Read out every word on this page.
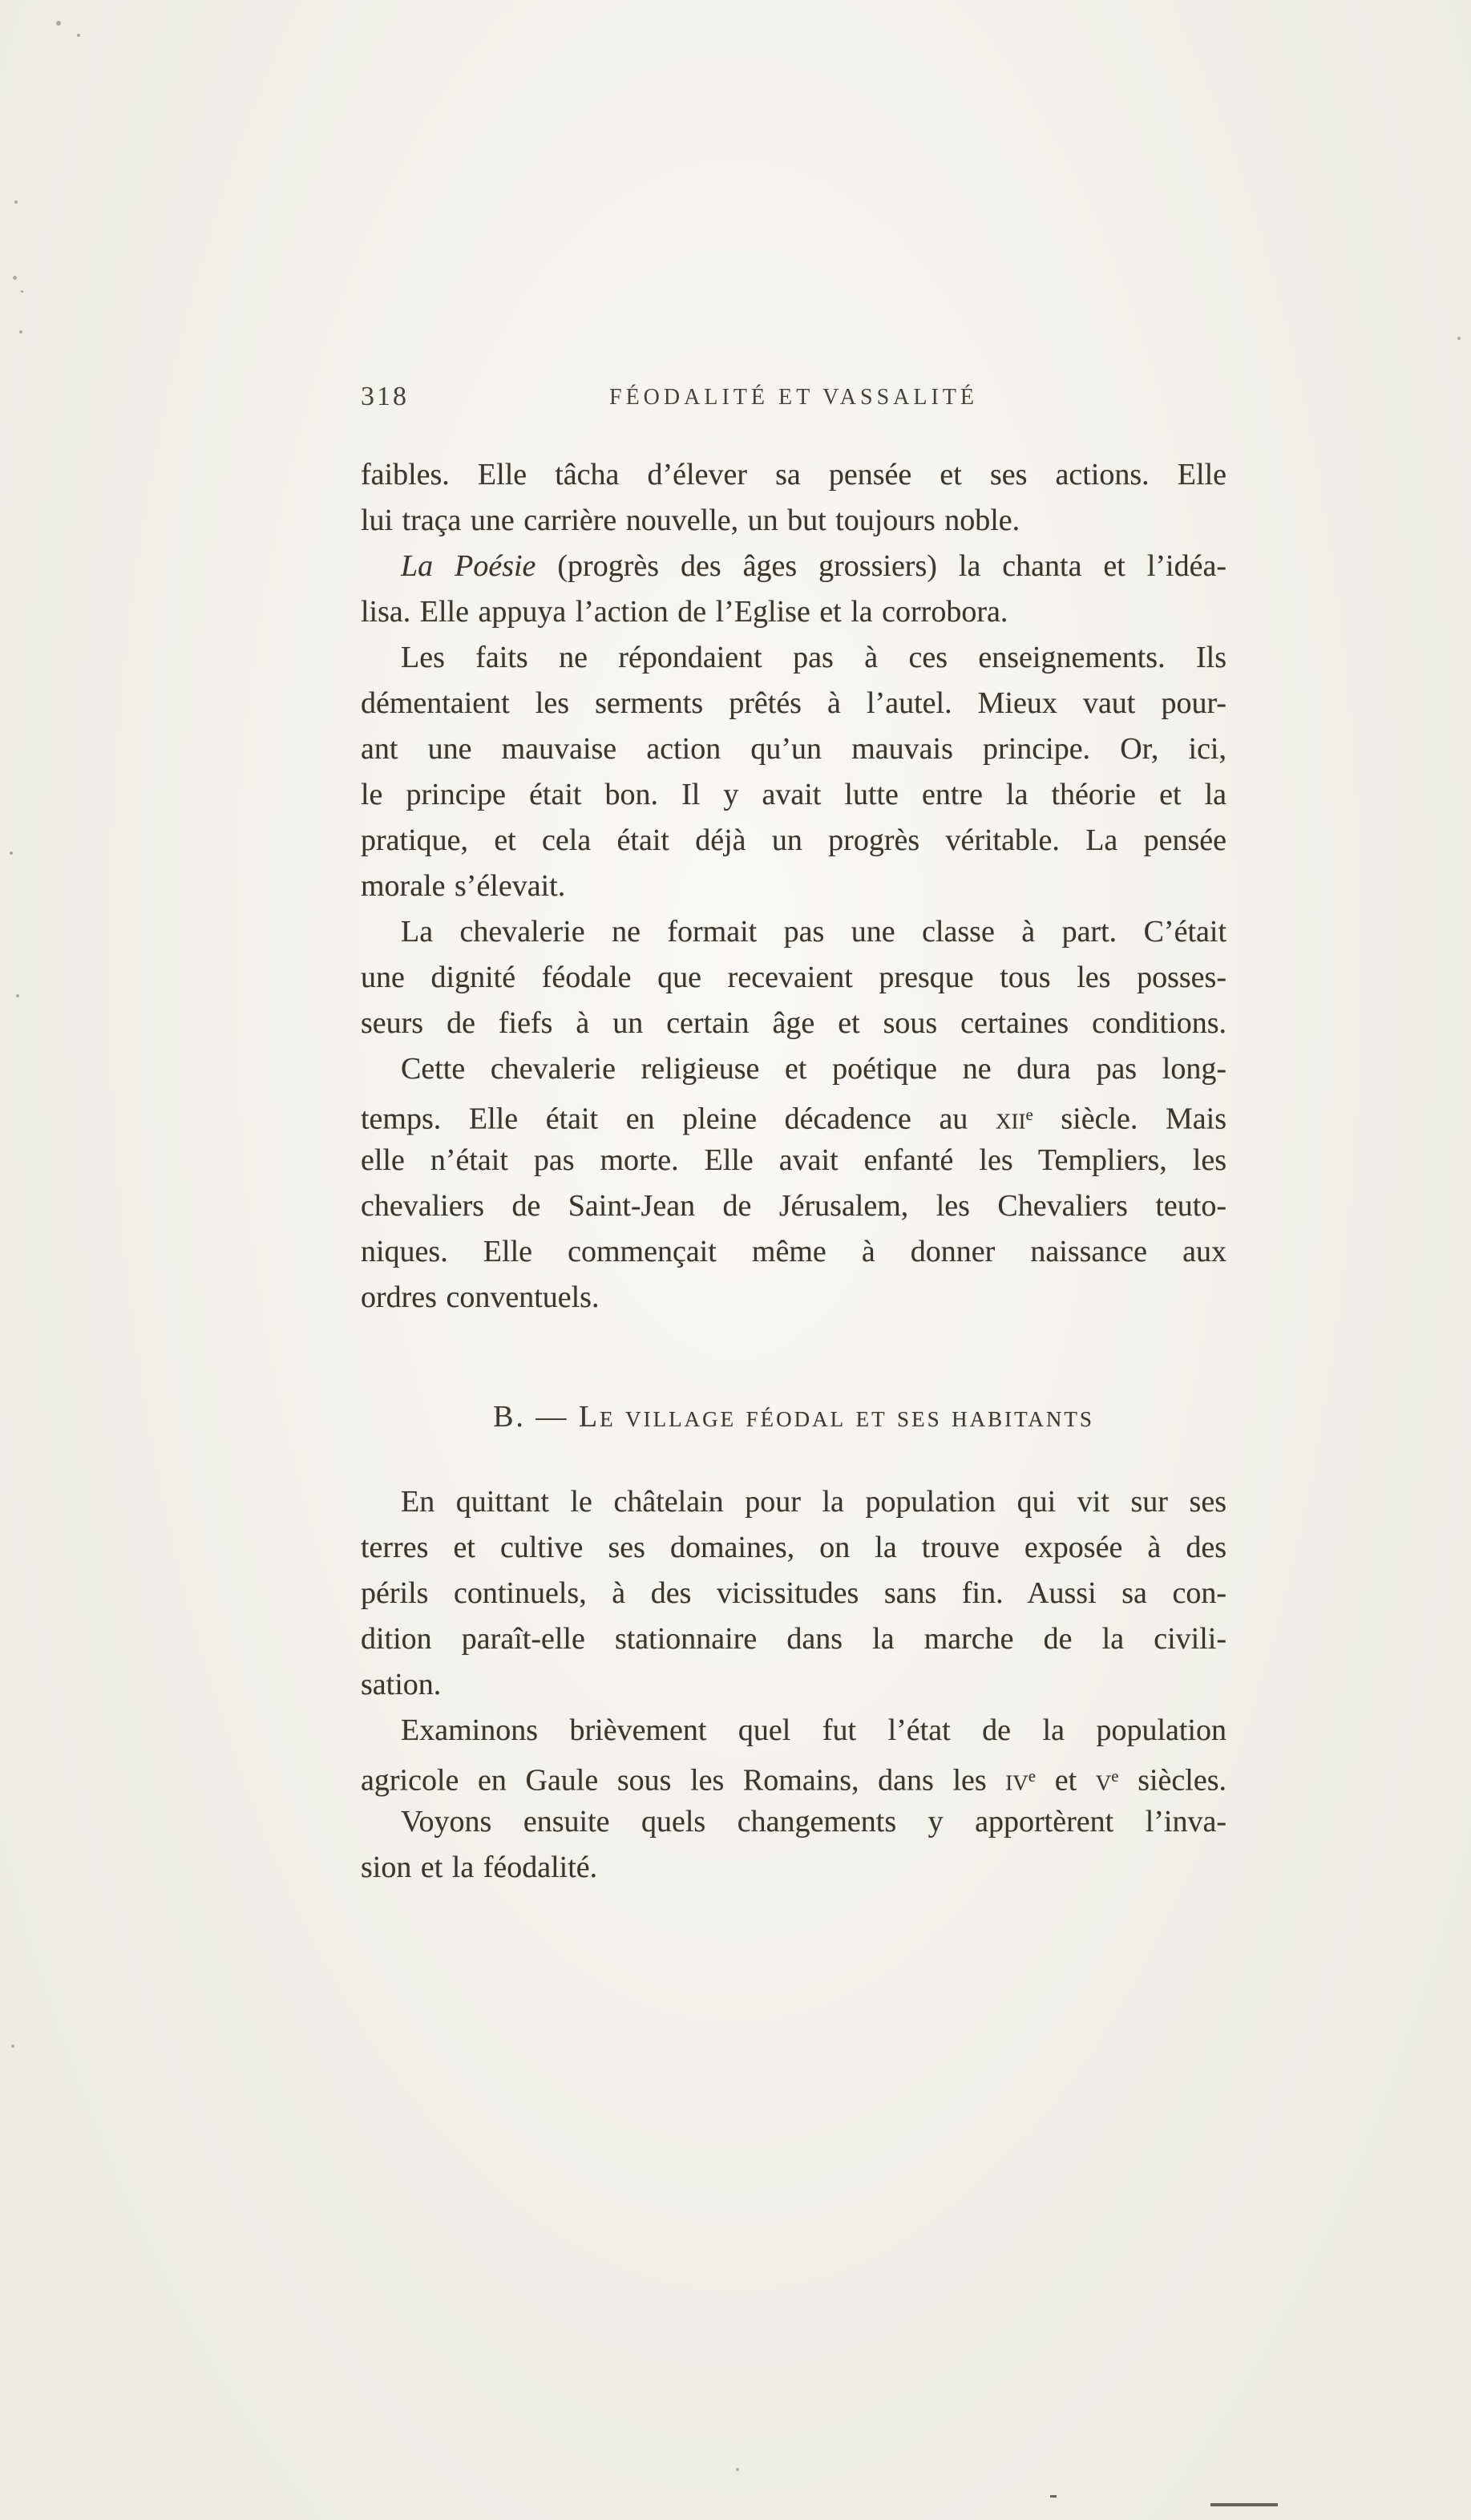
318	FÉODALITÉ ET VASSALITÉ
faibles. Elle tâcha d’élever sa pensée et ses actions. Elle
lui traça une carrière nouvelle, un but toujours noble.
La Poésie (progrès des âges grossiers) la chanta et l’idéa-
lisa. Elle appuya l’action de l’Eglise et la corrobora.
Les faits ne répondaient pas à ces enseignements. Ils
démentaient les serments prêtés à l’autel. Mieux vaut pour-
ant une mauvaise action qu’un mauvais principe. Or, ici,
le principe était bon. Il y avait lutte entre la théorie et la
pratique, et cela était déjà un progrès véritable. La pensée
morale s’élevait.
La chevalerie ne formait pas une classe à part. C’était
une dignité féodale que recevaient presque tous les posses-
seurs de fiefs à un certain âge et sous certaines conditions.
Cette chevalerie religieuse et poétique ne dura pas long-
temps. Elle était en pleine décadence au xii$^e$ siècle. Mais
elle n’était pas morte. Elle avait enfanté les Templiers, les
chevaliers de Saint-Jean de Jérusalem, les Chevaliers teuto-
niques. Elle commençait même à donner naissance aux
ordres conventuels.
B. — Le village féodal et ses habitants
En quittant le châtelain pour la population qui vit sur ses
terres et cultive ses domaines, on la trouve exposée à des
périls continuels, à des vicissitudes sans fin. Aussi sa con-
dition paraît-elle stationnaire dans la marche de la civili-
sation.
Examinons brièvement quel fut l’état de la population
agricole en Gaule sous les Romains, dans les $iv^e$ et $v^e$ siècles.
Voyons ensuite quels changements y apportèrent l’inva-
sion et la féodalité.
